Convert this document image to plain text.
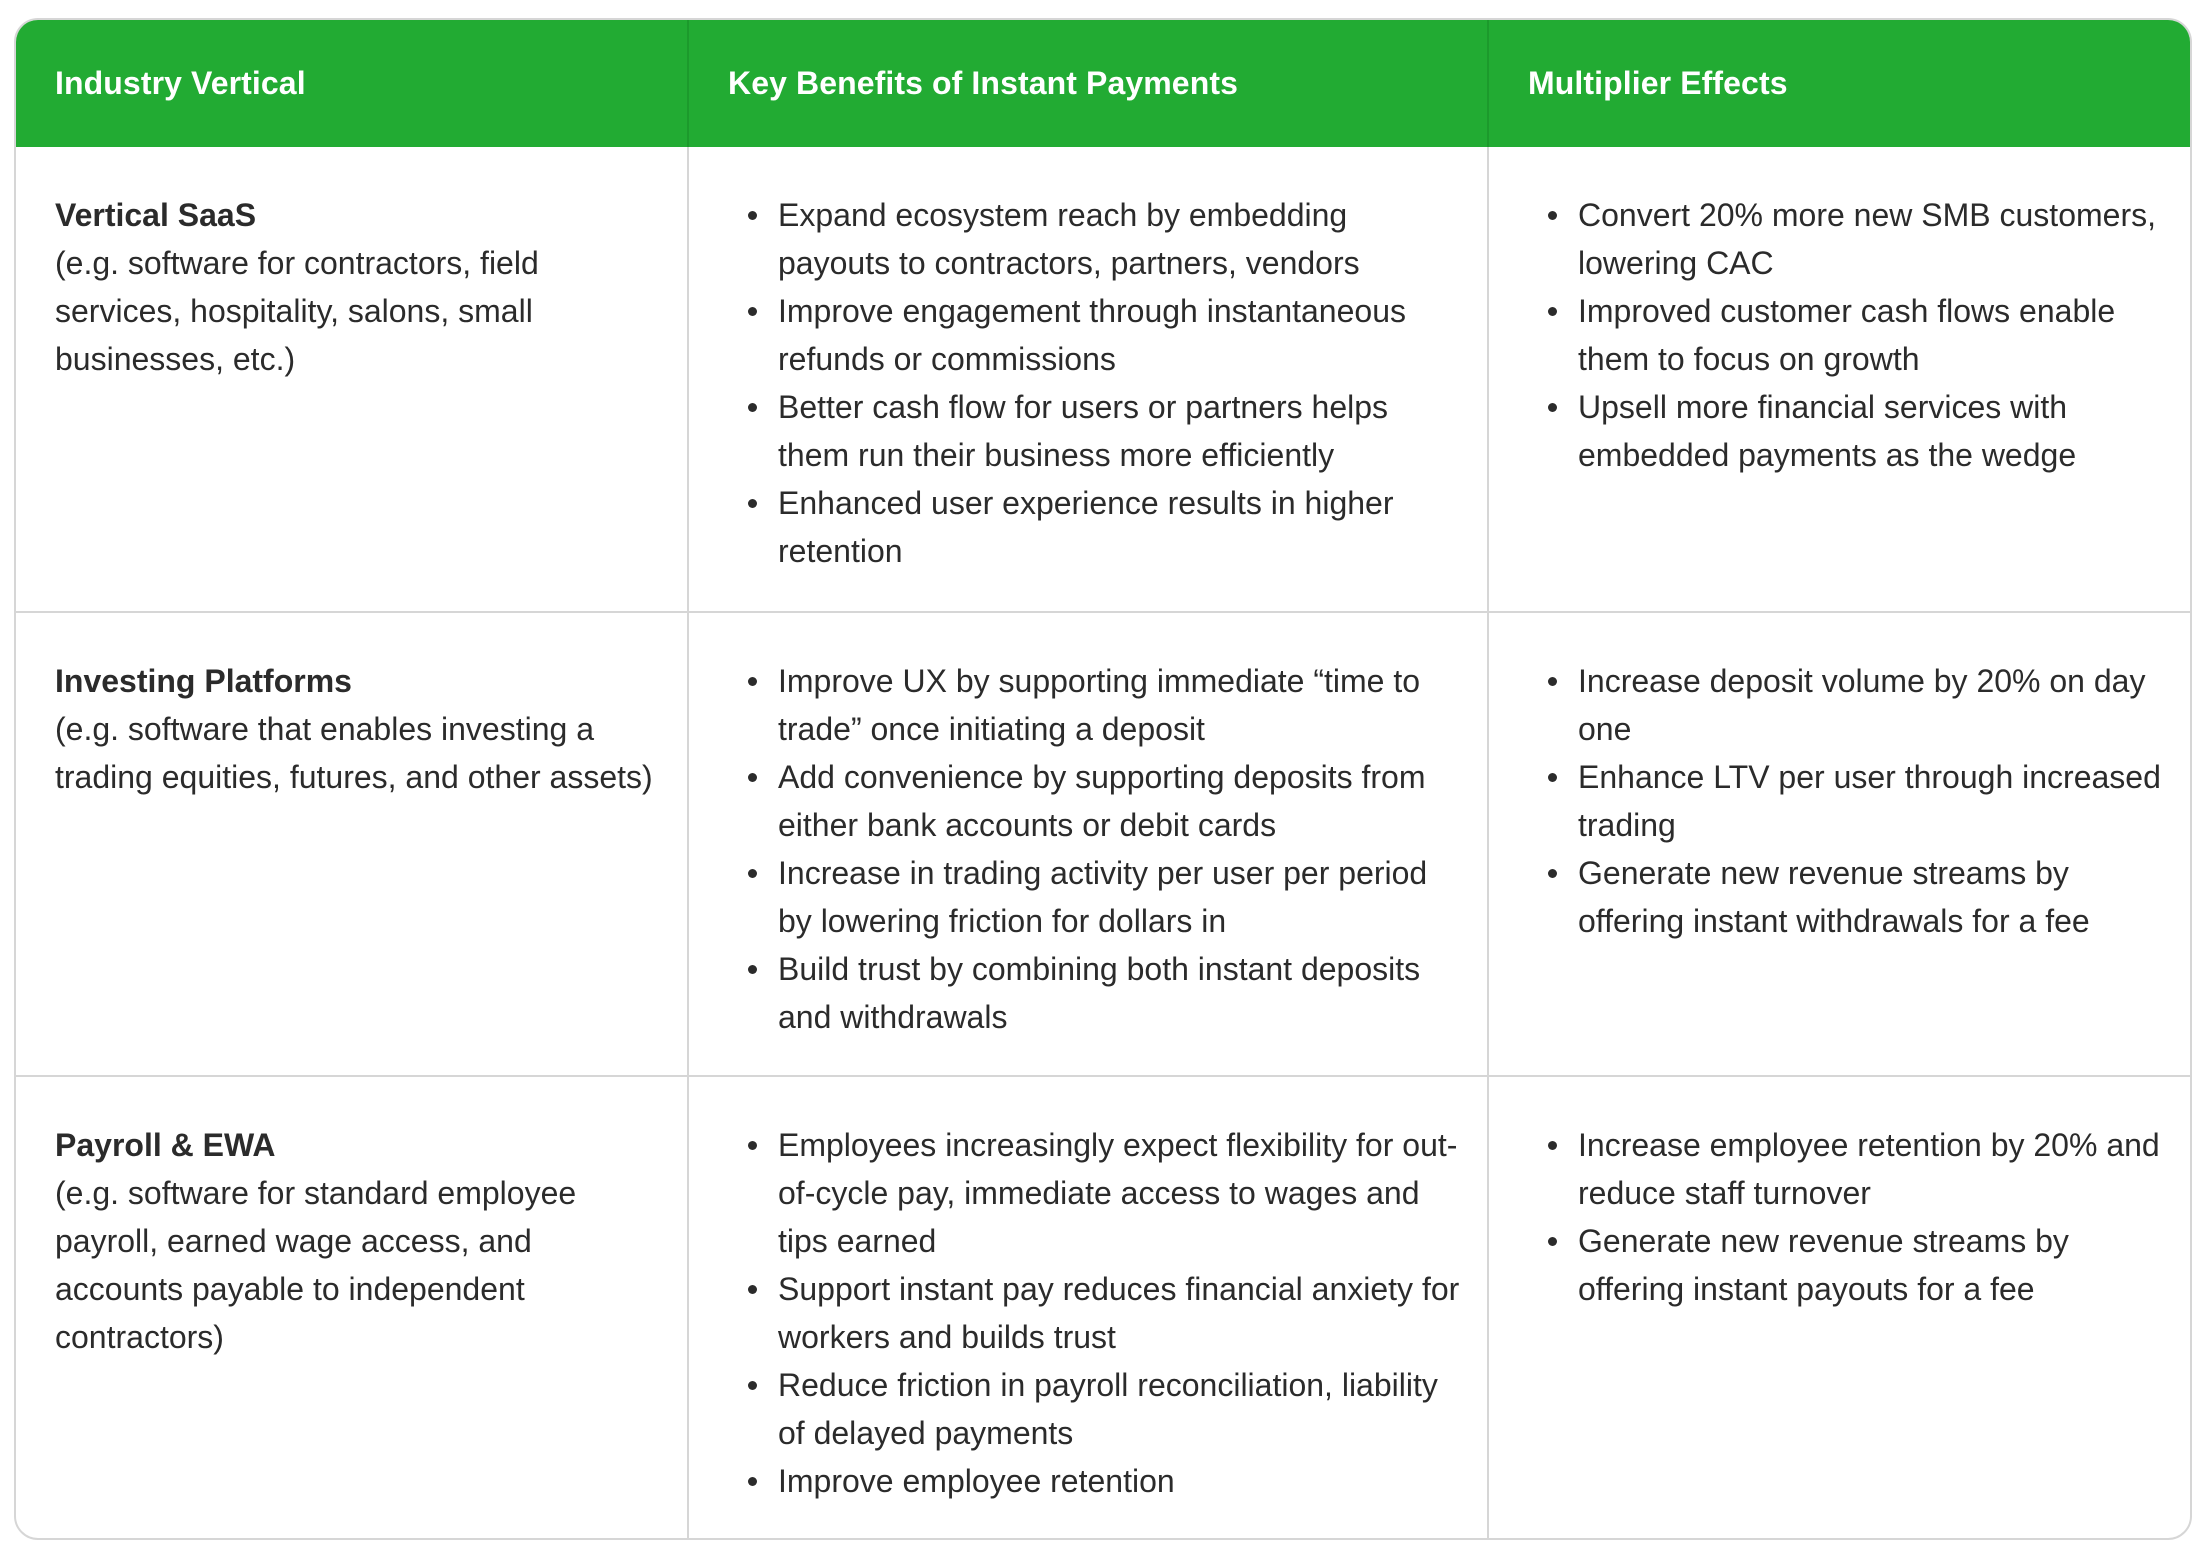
Industry Vertical	Key Benefits of Instant Payments	Multiplier Effects
Vertical SaaS
(e.g. software for contractors, field services, hospitality, salons, small businesses, etc.)
Expand ecosystem reach by embedding payouts to contractors, partners, vendors
Improve engagement through instantaneous refunds or commissions
Better cash flow for users or partners helps them run their business more efficiently
Enhanced user experience results in higher retention
Convert 20% more new SMB customers, lowering CAC
Improved customer cash flows enable them to focus on growth
Upsell more financial services with embedded payments as the wedge
Investing Platforms
(e.g. software that enables investing a trading equities, futures, and other assets)
Improve UX by supporting immediate “time to trade” once initiating a deposit
Add convenience by supporting deposits from either bank accounts or debit cards
Increase in trading activity per user per period by lowering friction for dollars in
Build trust by combining both instant deposits and withdrawals
Increase deposit volume by 20% on day one
Enhance LTV per user through increased trading
Generate new revenue streams by offering instant withdrawals for a fee
Payroll & EWA
(e.g. software for standard employee payroll, earned wage access, and accounts payable to independent contractors)
Employees increasingly expect flexibility for out-of-cycle pay, immediate access to wages and tips earned
Support instant pay reduces financial anxiety for workers and builds trust
Reduce friction in payroll reconciliation, liability of delayed payments
Improve employee retention
Increase employee retention by 20% and reduce staff turnover
Generate new revenue streams by offering instant payouts for a fee
